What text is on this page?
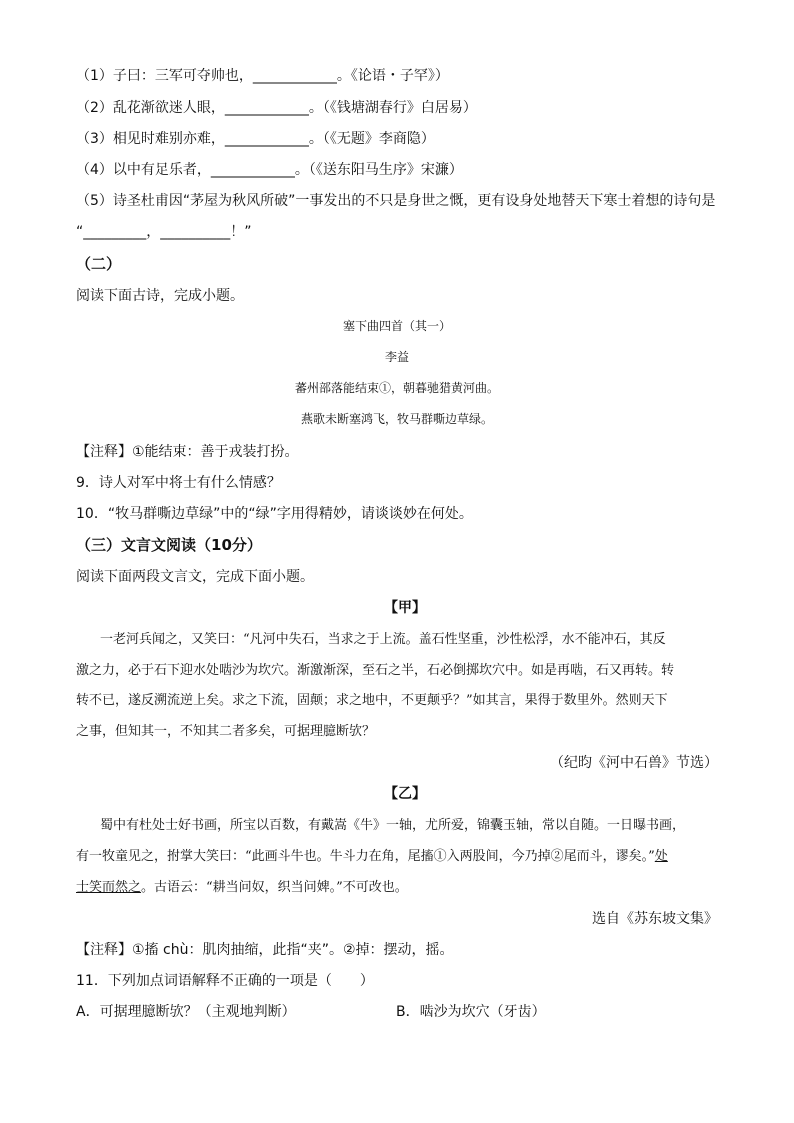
（1）子曰：三军可夺帅也，____________。《论语・子罕》）
（2）乱花渐欲迷人眼，____________。（《钱塘湖春行》白居易）
（3）相见时难别亦难，____________。（《无题》李商隐）
（4）以中有足乐者，____________。（《送东阳马生序》宋濂）
（5）诗圣杜甫因“茅屋为秋风所破”一事发出的不只是身世之慨，更有设身处地替天下寒士着想的诗句是
“_________，__________！”
（二）
阅读下面古诗，完成小题。
塞下曲四首（其一）
李益
蕃州部落能结束①，朝暮驰猎黄河曲。
燕歌未断塞鸿飞，牧马群嘶边草绿。
【注释】①能结束：善于戎装打扮。
9．诗人对军中将士有什么情感？
10．“牧马群嘶边草绿”中的“绿”字用得精妙，请谈谈妙在何处。
（三）文言文阅读（10分）
阅读下面两段文言文，完成下面小题。
【甲】
一老河兵闻之，又笑曰：“凡河中失石，当求之于上流。盖石性坚重，沙性松浮，水不能冲石，其反
激之力，必于石下迎水处啮沙为坎穴。渐激渐深，至石之半，石必倒掷坎穴中。如是再啮，石又再转。转
转不已，遂反溯流逆上矣。求之下流，固颠；求之地中，不更颠乎？”如其言，果得于数里外。然则天下
之事，但知其一，不知其二者多矣，可据理臆断欤？
（纪昀《河中石兽》节选）
【乙】
蜀中有杜处士好书画，所宝以百数，有戴嵩《牛》一轴，尤所爱，锦囊玉轴，常以自随。一日曝书画，
有一牧童见之，拊掌大笑曰：“此画斗牛也。牛斗力在角，尾搐①入两股间，今乃掉②尾而斗，谬矣。”处
士笑而然之。古语云：“耕当问奴，织当问婢。”不可改也。
选自《苏东坡文集》
【注释】①搐 chù：肌肉抽缩，此指“夹”。②掉：摆动，摇。
11．下列加点词语解释不正确的一项是（　　）
A．可据理臆断欤？（主观地判断）	B．啮沙为坎穴（牙齿）
